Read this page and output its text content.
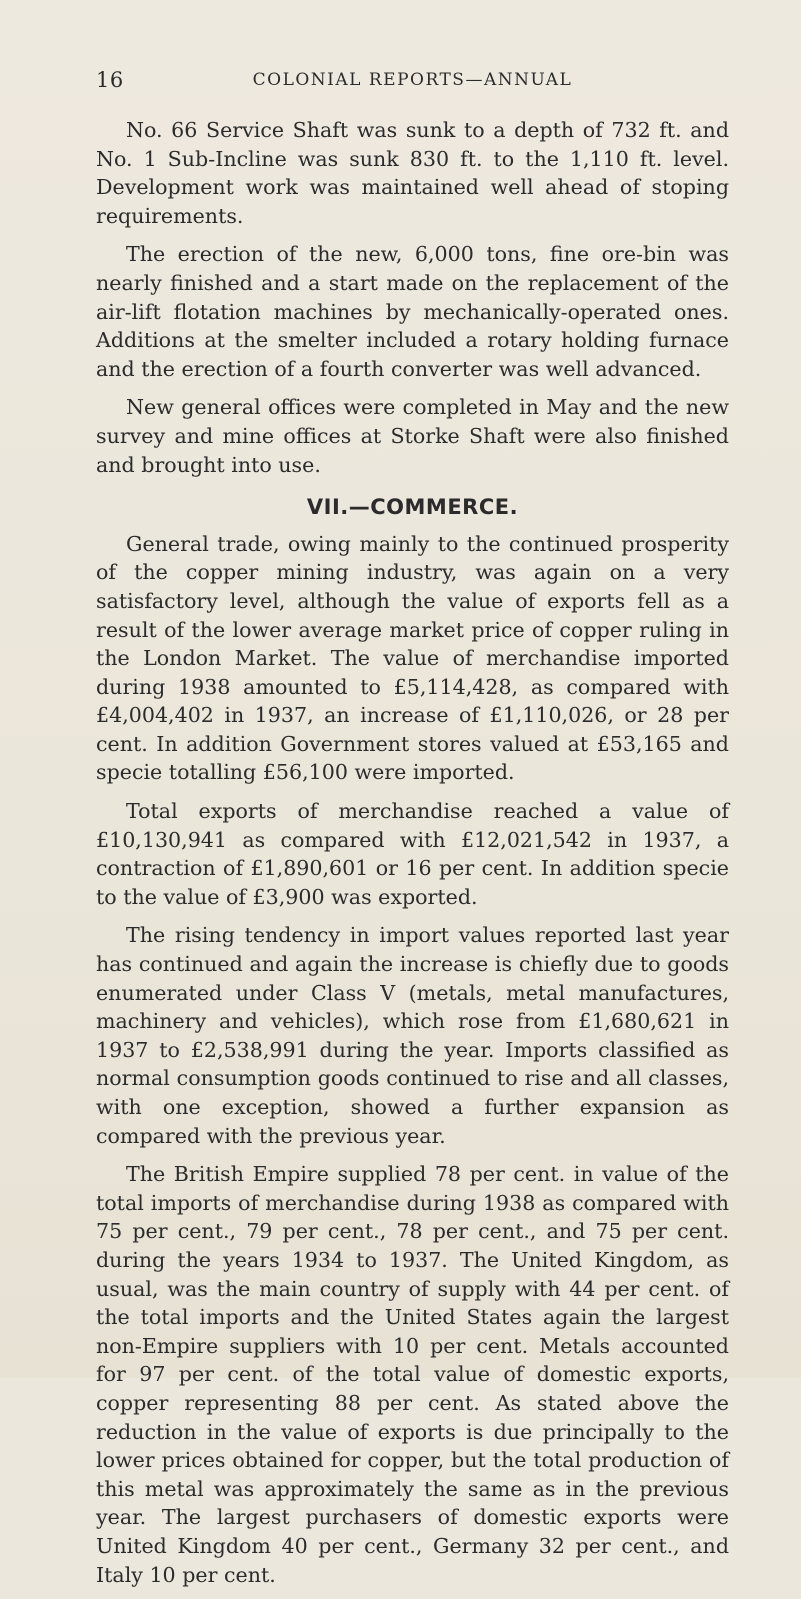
16	COLONIAL REPORTS—ANNUAL

No. 66 Service Shaft was sunk to a depth of 732 ft. and No. 1 Sub-Incline was sunk 830 ft. to the 1,110 ft. level. Development work was maintained well ahead of stoping requirements.

The erection of the new, 6,000 tons, fine ore-bin was nearly finished and a start made on the replacement of the air-lift flotation machines by mechanically-operated ones. Additions at the smelter included a rotary holding furnace and the erection of a fourth converter was well advanced.

New general offices were completed in May and the new survey and mine offices at Storke Shaft were also finished and brought into use.

VII.—COMMERCE.

General trade, owing mainly to the continued prosperity of the copper mining industry, was again on a very satisfactory level, although the value of exports fell as a result of the lower average market price of copper ruling in the London Market. The value of merchandise imported during 1938 amounted to £5,114,428, as compared with £4,004,402 in 1937, an increase of £1,110,026, or 28 per cent. In addition Government stores valued at £53,165 and specie totalling £56,100 were imported.

Total exports of merchandise reached a value of £10,130,941 as compared with £12,021,542 in 1937, a contraction of £1,890,601 or 16 per cent. In addition specie to the value of £3,900 was exported.

The rising tendency in import values reported last year has continued and again the increase is chiefly due to goods enumerated under Class V (metals, metal manufactures, machinery and vehicles), which rose from £1,680,621 in 1937 to £2,538,991 during the year. Imports classified as normal consumption goods continued to rise and all classes, with one exception, showed a further expansion as compared with the previous year.

The British Empire supplied 78 per cent. in value of the total imports of merchandise during 1938 as compared with 75 per cent., 79 per cent., 78 per cent., and 75 per cent. during the years 1934 to 1937. The United Kingdom, as usual, was the main country of supply with 44 per cent. of the total imports and the United States again the largest non-Empire suppliers with 10 per cent. Metals accounted for 97 per cent. of the total value of domestic exports, copper representing 88 per cent. As stated above the reduction in the value of exports is due principally to the lower prices obtained for copper, but the total production of this metal was approximately the same as in the previous year. The largest purchasers of domestic exports were United Kingdom 40 per cent., Germany 32 per cent., and Italy 10 per cent.
